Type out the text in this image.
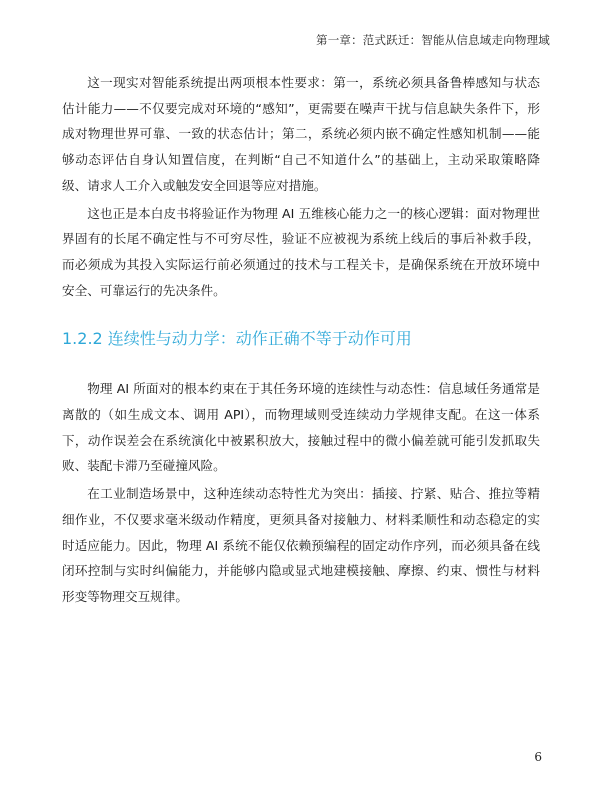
第一章：范式跃迁：智能从信息域走向物理域

这一现实对智能系统提出两项根本性要求：第一，系统必须具备鲁棒感知与状态估计能力——不仅要完成对环境的“感知”，更需要在噪声干扰与信息缺失条件下，形成对物理世界可靠、一致的状态估计；第二，系统必须内嵌不确定性感知机制——能够动态评估自身认知置信度，在判断“自己不知道什么”的基础上，主动采取策略降级、请求人工介入或触发安全回退等应对措施。

这也正是本白皮书将验证作为物理 AI 五维核心能力之一的核心逻辑：面对物理世界固有的长尾不确定性与不可穷尽性，验证不应被视为系统上线后的事后补救手段，而必须成为其投入实际运行前必须通过的技术与工程关卡，是确保系统在开放环境中安全、可靠运行的先决条件。

1.2.2 连续性与动力学：动作正确不等于动作可用

物理 AI 所面对的根本约束在于其任务环境的连续性与动态性：信息域任务通常是离散的（如生成文本、调用 API），而物理域则受连续动力学规律支配。在这一体系下，动作误差会在系统演化中被累积放大，接触过程中的微小偏差就可能引发抓取失败、装配卡滞乃至碰撞风险。

在工业制造场景中，这种连续动态特性尤为突出：插接、拧紧、贴合、推拉等精细作业，不仅要求毫米级动作精度，更须具备对接触力、材料柔顺性和动态稳定的实时适应能力。因此，物理 AI 系统不能仅依赖预编程的固定动作序列，而必须具备在线闭环控制与实时纠偏能力，并能够内隐或显式地建模接触、摩擦、约束、惯性与材料形变等物理交互规律。

6
